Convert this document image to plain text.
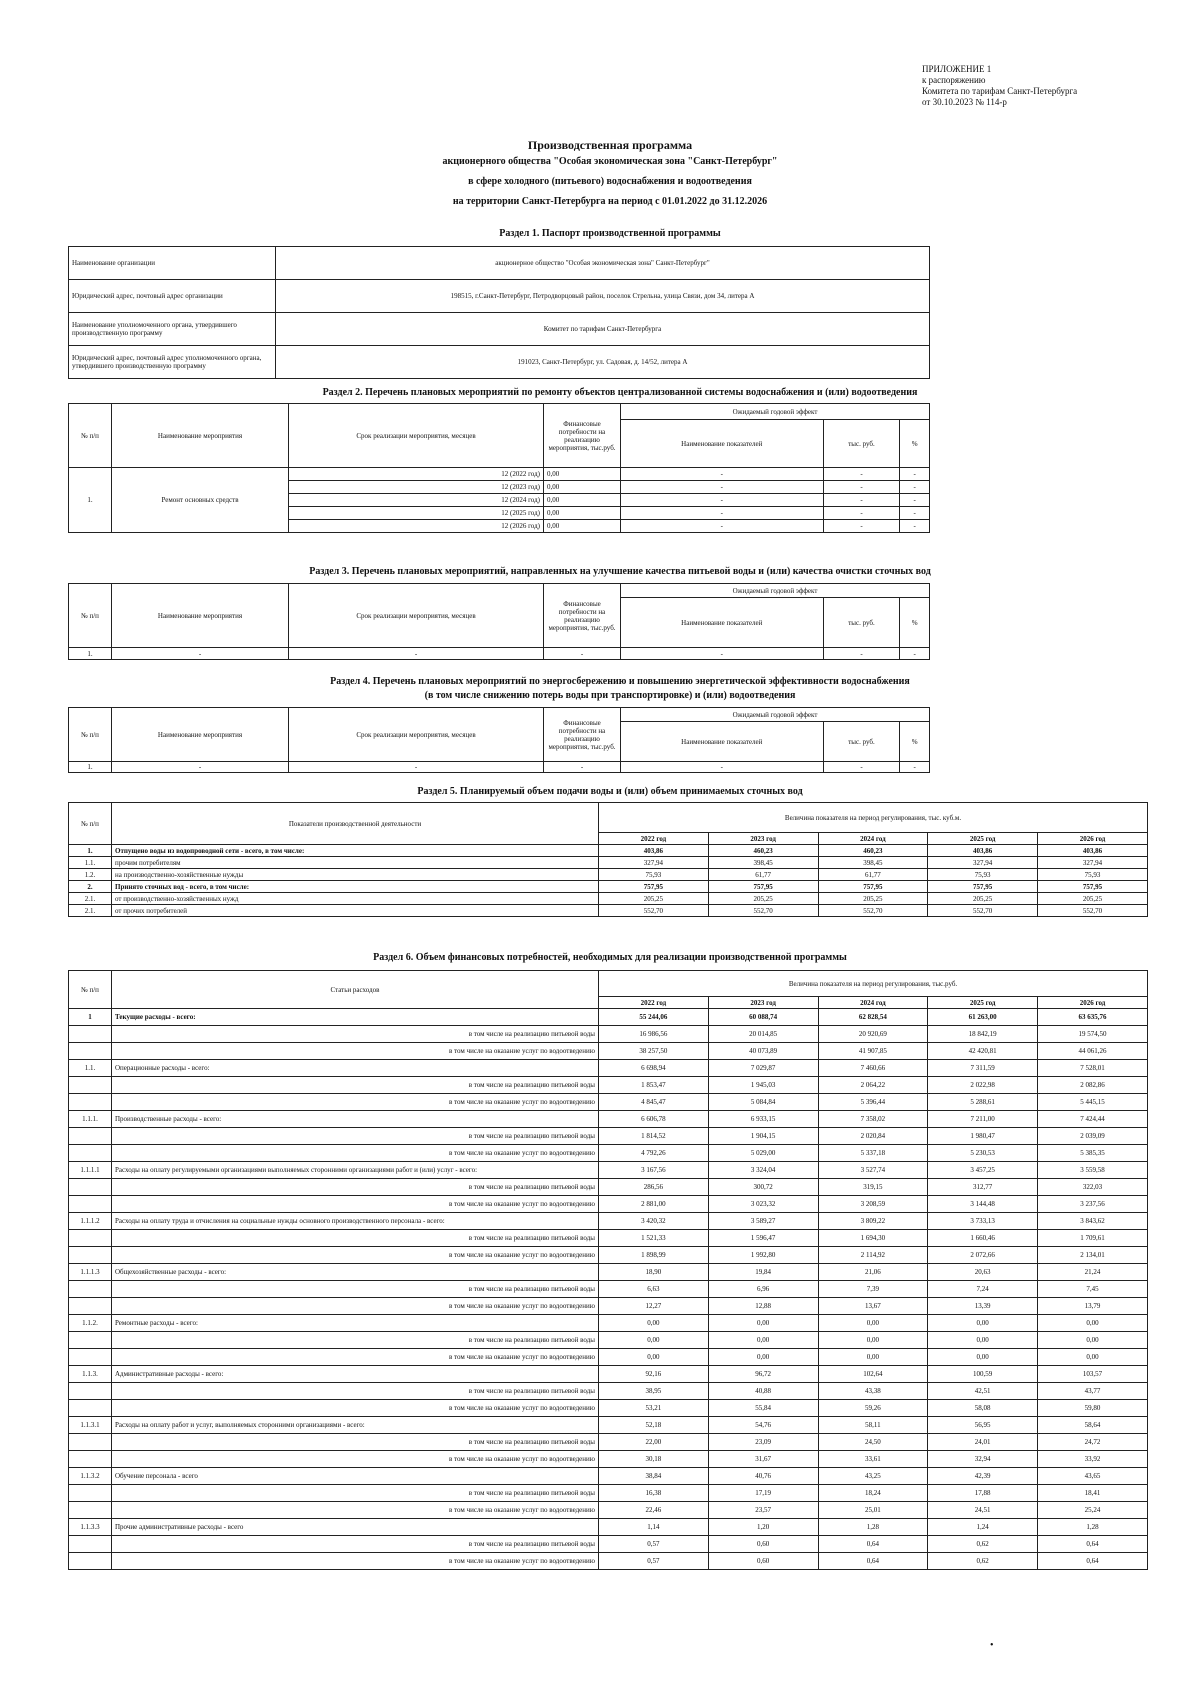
ПРИЛОЖЕНИЕ 1
к распоряжению
Комитета по тарифам Санкт-Петербурга
от 30.10.2023 № 114-р
Производственная программа
акционерного общества "Особая экономическая зона "Санкт-Петербург"
в сфере холодного (питьевого) водоснабжения и водоотведения
на территории Санкт-Петербурга на период с 01.01.2022 до 31.12.2026
Раздел 1. Паспорт производственной программы
Наименование организации	акционерное общество "Особая экономическая зона" Санкт-Петербург"
Юридический адрес, почтовый адрес организации	198515, г.Санкт-Петербург, Петродворцовый район, поселок Стрельна, улица Связи, дом 34, литера А
Наименование уполномоченного органа, утвердившего производственную программу	Комитет по тарифам Санкт-Петербурга
Юридический адрес, почтовый адрес уполномоченного органа, утвердившего производственную программу	191023, Санкт-Петербург, ул. Садовая, д. 14/52, литера А
Раздел 2. Перечень плановых мероприятий по ремонту объектов централизованной системы водоснабжения и (или) водоотведения
№ п/п	Наименование мероприятия	Срок реализации мероприятия, месяцев	Финансовые потребности на реализацию мероприятия, тыс.руб.	Ожидаемый годовой эффект		
				Наименование показателей	тыс. руб.	%
1.	Ремонт основных средств	12 (2022 год)	0,00	-	-	-
		12 (2023 год)	0,00	-	-	-
		12 (2024 год)	0,00	-	-	-
		12 (2025 год)	0,00	-	-	-
		12 (2026 год)	0,00	-	-	-
Раздел 3. Перечень плановых мероприятий, направленных на улучшение качества питьевой воды и (или) качества очистки сточных вод
№ п/п	Наименование мероприятия	Срок реализации мероприятия, месяцев	Финансовые потребности на реализацию мероприятия, тыс.руб.	Ожидаемый годовой эффект		
				Наименование показателей	тыс. руб.	%
1.	-	-	-	-	-	-
Раздел 4. Перечень плановых мероприятий по энергосбережению и повышению энергетической эффективности водоснабжения
(в том числе снижению потерь воды при транспортировке) и (или) водоотведения
№ п/п	Наименование мероприятия	Срок реализации мероприятия, месяцев	Финансовые потребности на реализацию мероприятия, тыс.руб.	Ожидаемый годовой эффект		
				Наименование показателей	тыс. руб.	%
1.	-	-	-	-	-	-
Раздел 5. Планируемый объем подачи воды и (или) объем принимаемых сточных вод
№ п/п	Показатели производственной деятельности	Величина показателя на период регулирования, тыс. куб.м.				
		2022 год	2023 год	2024 год	2025 год	2026 год
1.	Отпущено воды из водопроводной сети - всего, в том числе:	403,86	460,23	460,23	403,86	403,86
1.1.	прочим потребителям	327,94	398,45	398,45	327,94	327,94
1.2.	на производственно-хозяйственные нужды	75,93	61,77	61,77	75,93	75,93
2.	Принято сточных вод - всего, в том числе:	757,95	757,95	757,95	757,95	757,95
2.1.	от производственно-хозяйственных нужд	205,25	205,25	205,25	205,25	205,25
2.1.	от прочих потребителей	552,70	552,70	552,70	552,70	552,70
Раздел 6. Объем финансовых потребностей, необходимых для реализации производственной программы
№ п/п	Статьи расходов	Величина показателя на период регулирования, тыс.руб.				
		2022 год	2023 год	2024 год	2025 год	2026 год
1	Текущие расходы - всего:	55 244,06	60 088,74	62 828,54	61 263,00	63 635,76
	в том числе на реализацию питьевой воды	16 986,56	20 014,85	20 920,69	18 842,19	19 574,50
	в том числе на оказание услуг по водоотведению	38 257,50	40 073,89	41 907,85	42 420,81	44 061,26
1.1.	Операционные расходы - всего:	6 698,94	7 029,87	7 460,66	7 311,59	7 528,01
	в том числе на реализацию питьевой воды	1 853,47	1 945,03	2 064,22	2 022,98	2 082,86
	в том числе на оказание услуг по водоотведению	4 845,47	5 084,84	5 396,44	5 288,61	5 445,15
1.1.1.	Производственные расходы - всего:	6 606,78	6 933,15	7 358,02	7 211,00	7 424,44
	в том числе на реализацию питьевой воды	1 814,52	1 904,15	2 020,84	1 980,47	2 039,09
	в том числе на оказание услуг по водоотведению	4 792,26	5 029,00	5 337,18	5 230,53	5 385,35
1.1.1.1	Расходы на оплату регулируемыми организациями выполняемых сторонними организациями работ и (или) услуг - всего:	3 167,56	3 324,04	3 527,74	3 457,25	3 559,58
	в том числе на реализацию питьевой воды	286,56	300,72	319,15	312,77	322,03
	в том числе на оказание услуг по водоотведению	2 881,00	3 023,32	3 208,59	3 144,48	3 237,56
1.1.1.2	Расходы на оплату труда и отчисления на социальные нужды основного производственного персонала - всего:	3 420,32	3 589,27	3 809,22	3 733,13	3 843,62
	в том числе на реализацию питьевой воды	1 521,33	1 596,47	1 694,30	1 660,46	1 709,61
	в том числе на оказание услуг по водоотведению	1 898,99	1 992,80	2 114,92	2 072,66	2 134,01
1.1.1.3	Общехозяйственные расходы - всего:	18,90	19,84	21,06	20,63	21,24
	в том числе на реализацию питьевой воды	6,63	6,96	7,39	7,24	7,45
	в том числе на оказание услуг по водоотведению	12,27	12,88	13,67	13,39	13,79
1.1.2.	Ремонтные расходы - всего:	0,00	0,00	0,00	0,00	0,00
	в том числе на реализацию питьевой воды	0,00	0,00	0,00	0,00	0,00
	в том числе на оказание услуг по водоотведению	0,00	0,00	0,00	0,00	0,00
1.1.3.	Административные расходы - всего:	92,16	96,72	102,64	100,59	103,57
	в том числе на реализацию питьевой воды	38,95	40,88	43,38	42,51	43,77
	в том числе на оказание услуг по водоотведению	53,21	55,84	59,26	58,08	59,80
1.1.3.1	Расходы на оплату работ и услуг, выполняемых сторонними организациями - всего:	52,18	54,76	58,11	56,95	58,64
	в том числе на реализацию питьевой воды	22,00	23,09	24,50	24,01	24,72
	в том числе на оказание услуг по водоотведению	30,18	31,67	33,61	32,94	33,92
1.1.3.2	Обучение персонала - всего	38,84	40,76	43,25	42,39	43,65
	в том числе на реализацию питьевой воды	16,38	17,19	18,24	17,88	18,41
	в том числе на оказание услуг по водоотведению	22,46	23,57	25,01	24,51	25,24
1.1.3.3	Прочие административные расходы - всего	1,14	1,20	1,28	1,24	1,28
	в том числе на реализацию питьевой воды	0,57	0,60	0,64	0,62	0,64
	в том числе на оказание услуг по водоотведению	0,57	0,60	0,64	0,62	0,64
•
